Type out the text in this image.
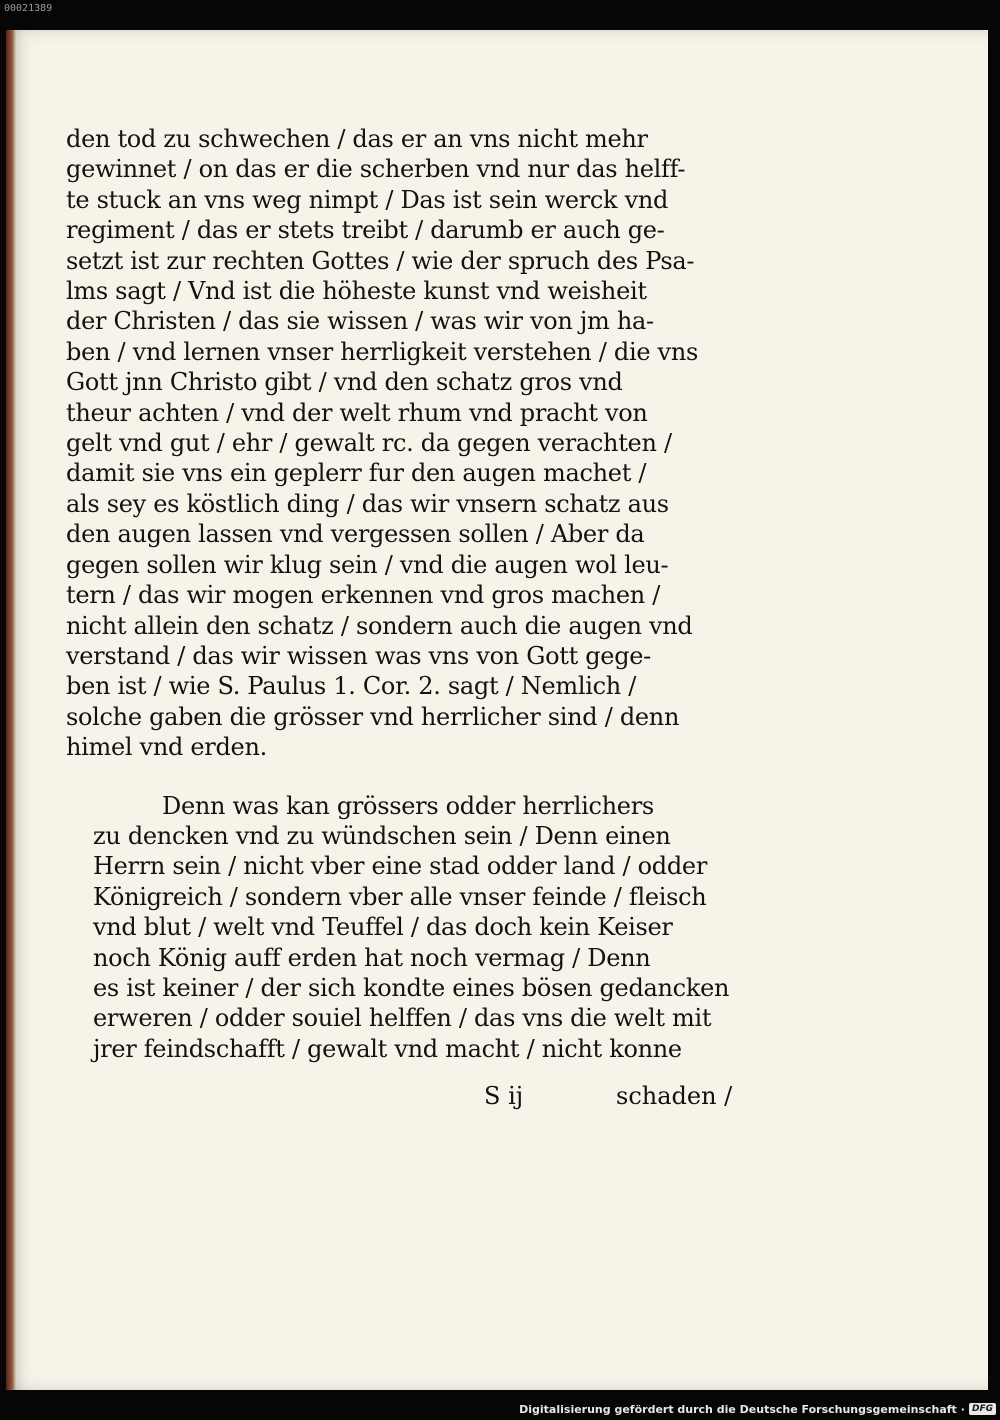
00021389
den tod zu schwechen / das er an vns nicht mehr
gewinnet / on das er die scherben vnd nur das helff-
te stuck an vns weg nimpt / Das ist sein werck vnd
regiment / das er stets treibt / darumb er auch ge-
setzt ist zur rechten Gottes / wie der spruch des Psa-
lms sagt / Vnd ist die höheste kunst vnd weisheit
der Christen / das sie wissen / was wir von jm ha-
ben / vnd lernen vnser herrligkeit verstehen / die vns
Gott jnn Christo gibt / vnd den schatz gros vnd
theur achten / vnd der welt rhum vnd pracht von
gelt vnd gut / ehr / gewalt rc. da gegen verachten /
damit sie vns ein geplerr fur den augen machet /
als sey es köstlich ding / das wir vnsern schatz aus
den augen lassen vnd vergessen sollen / Aber da
gegen sollen wir klug sein / vnd die augen wol leu-
tern / das wir mogen erkennen vnd gros machen /
nicht allein den schatz / sondern auch die augen vnd
verstand / das wir wissen was vns von Gott gege-
ben ist / wie S. Paulus 1. Cor. 2. sagt / Nemlich /
solche gaben die grösser vnd herrlicher sind / denn
himel vnd erden.
Denn was kan grössers odder herrlichers
zu dencken vnd zu wündschen sein / Denn einen
Herrn sein / nicht vber eine stad odder land / odder
Königreich / sondern vber alle vnser feinde / fleisch
vnd blut / welt vnd Teuffel / das doch kein Keiser
noch König auff erden hat noch vermag / Denn
es ist keiner / der sich kondte eines bösen gedancken
erweren / odder souiel helffen / das vns die welt mit
jrer feindschafft / gewalt vnd macht / nicht konne
S ij	schaden /
Digitalisierung gefördert durch die Deutsche Forschungsgemeinschaft · DFG
